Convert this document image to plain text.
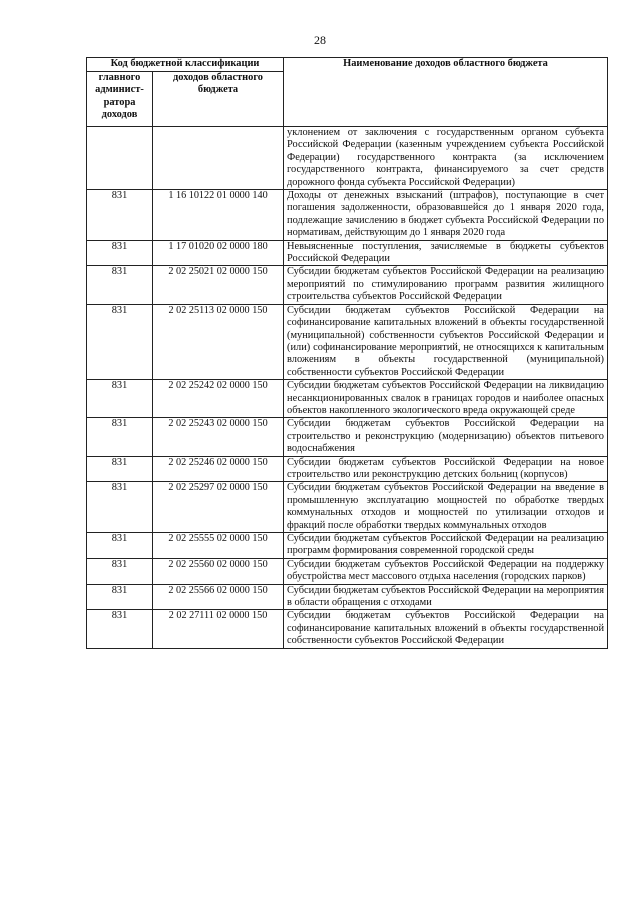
28
Код бюджетной классификации		Наименование доходов областного бюджета
главного админист-ратора доходов	доходов областного бюджета	
		уклонением от заключения с государственным органом субъекта Российской Федерации (казенным учреждением субъекта Российской Федерации) государственного контракта (за исключением государственного контракта, финансируемого за счет средств дорожного фонда субъекта Российской Федерации)
831	1 16 10122 01 0000 140	Доходы от денежных взысканий (штрафов), поступающие в счет погашения задолженности, образовавшейся до 1 января 2020 года, подлежащие зачислению в бюджет субъекта Российской Федерации по нормативам, действующим до 1 января 2020 года
831	1 17 01020 02 0000 180	Невыясненные поступления, зачисляемые в бюджеты субъектов Российской Федерации
831	2 02 25021 02 0000 150	Субсидии бюджетам субъектов Российской Федерации на реализацию мероприятий по стимулированию программ развития жилищного строительства субъектов Российской Федерации
831	2 02 25113 02 0000 150	Субсидии бюджетам субъектов Российской Федерации на софинансирование капитальных вложений в объекты государственной (муниципальной) собственности субъектов Российской Федерации и (или) софинансирование мероприятий, не относящихся к капитальным вложениям в объекты государственной (муниципальной) собственности субъектов Российской Федерации
831	2 02 25242 02 0000 150	Субсидии бюджетам субъектов Российской Федерации на ликвидацию несанкционированных свалок в границах городов и наиболее опасных объектов накопленного экологического вреда окружающей среде
831	2 02 25243 02 0000 150	Субсидии бюджетам субъектов Российской Федерации на строительство и реконструкцию (модернизацию) объектов питьевого водоснабжения
831	2 02 25246 02 0000 150	Субсидии бюджетам субъектов Российской Федерации на новое строительство или реконструкцию детских больниц (корпусов)
831	2 02 25297 02 0000 150	Субсидии бюджетам субъектов Российской Федерации на введение в промышленную эксплуатацию мощностей по обработке твердых коммунальных отходов и мощностей по утилизации отходов и фракций после обработки твердых коммунальных отходов
831	2 02 25555 02 0000 150	Субсидии бюджетам субъектов Российской Федерации на реализацию программ формирования современной городской среды
831	2 02 25560 02 0000 150	Субсидии бюджетам субъектов Российской Федерации на поддержку обустройства мест массового отдыха населения (городских парков)
831	2 02 25566 02 0000 150	Субсидии бюджетам субъектов Российской Федерации на мероприятия в области обращения с отходами
831	2 02 27111 02 0000 150	Субсидии бюджетам субъектов Российской Федерации на софинансирование капитальных вложений в объекты государственной собственности субъектов Российской Федерации
